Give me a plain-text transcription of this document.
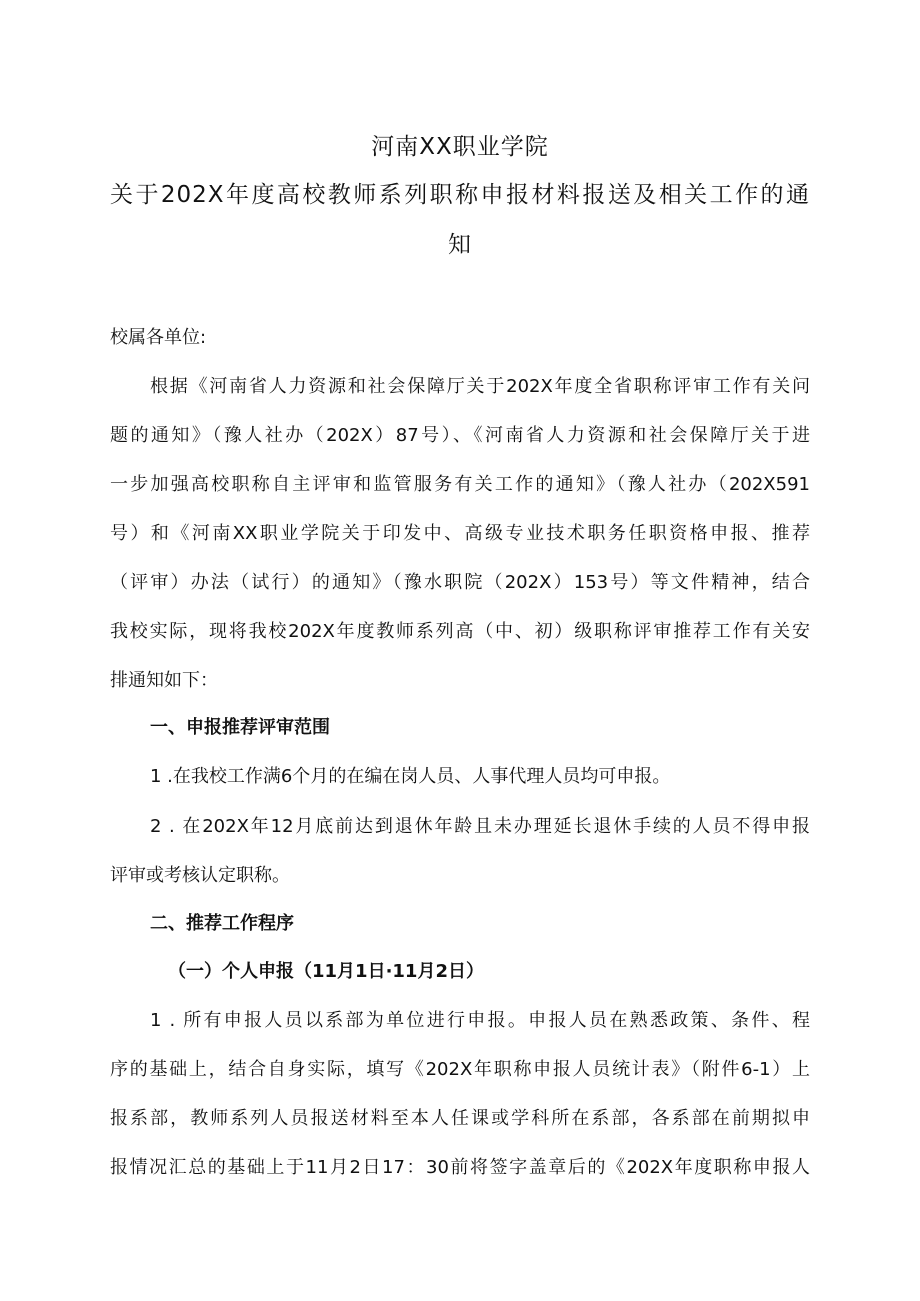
河南XX职业学院
关于202X年度高校教师系列职称申报材料报送及相关工作的通
知
校属各单位:
根据《河南省人力资源和社会保障厅关于202X年度全省职称评审工作有关问
题的通知》（豫人社办（202X）87号）、《河南省人力资源和社会保障厅关于进
一步加强高校职称自主评审和监管服务有关工作的通知》（豫人社办（202X591
号）和《河南XX职业学院关于印发中、高级专业技术职务任职资格申报、推荐
（评审）办法（试行）的通知》（豫水职院（202X）153号）等文件精神，结合
我校实际，现将我校202X年度教师系列高（中、初）级职称评审推荐工作有关安
排通知如下：
一、申报推荐评审范围
1 .在我校工作满6个月的在编在岗人员、人事代理人员均可申报。
2 . 在202X年12月底前达到退休年龄且未办理延长退休手续的人员不得申报
评审或考核认定职称。
二、推荐工作程序
（一）个人申报（11月1日·11月2日）
1 . 所有申报人员以系部为单位进行申报。申报人员在熟悉政策、条件、程
序的基础上，结合自身实际，填写《202X年职称申报人员统计表》（附件6-1）上
报系部，教师系列人员报送材料至本人任课或学科所在系部，各系部在前期拟申
报情况汇总的基础上于11月2日17：30前将签字盖章后的《202X年度职称申报人
